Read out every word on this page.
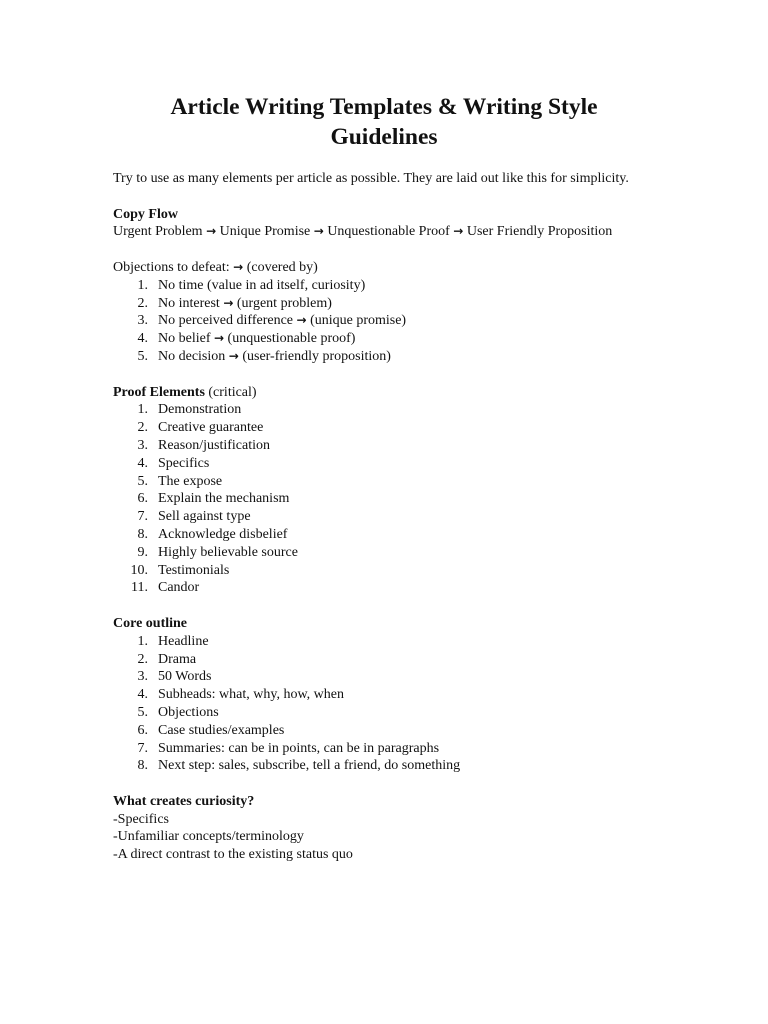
Article Writing Templates & Writing Style
Guidelines

Try to use as many elements per article as possible. They are laid out like this for simplicity.

Copy Flow
Urgent Problem → Unique Promise → Unquestionable Proof → User Friendly Proposition
Objections to defeat: → (covered by)
1. No time (value in ad itself, curiosity)
2. No interest → (urgent problem)
3. No perceived difference → (unique promise)
4. No belief → (unquestionable proof)
5. No decision → (user-friendly proposition)
Proof Elements (critical)
1. Demonstration
2. Creative guarantee
3. Reason/justification
4. Specifics
5. The expose
6. Explain the mechanism
7. Sell against type
8. Acknowledge disbelief
9. Highly believable source
10. Testimonials
11. Candor
Core outline
1. Headline
2. Drama
3. 50 Words
4. Subheads: what, why, how, when
5. Objections
6. Case studies/examples
7. Summaries: can be in points, can be in paragraphs
8. Next step: sales, subscribe, tell a friend, do something
What creates curiosity?
-Specifics
-Unfamiliar concepts/terminology
-A direct contrast to the existing status quo
